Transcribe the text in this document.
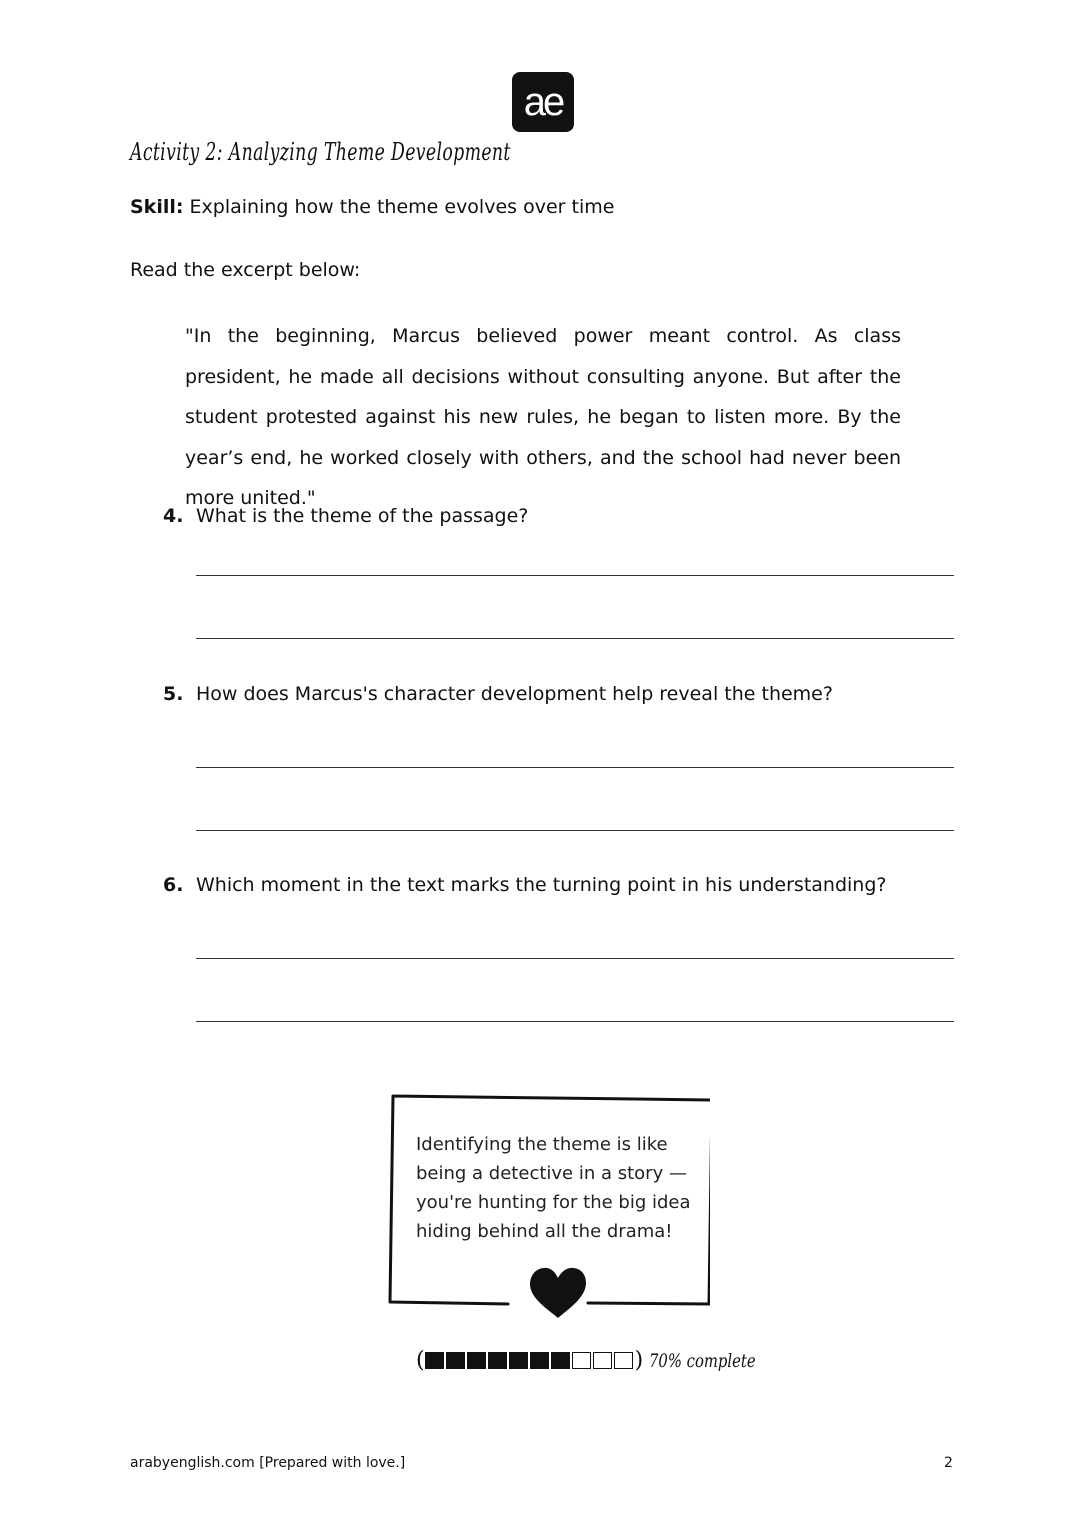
ae
Activity 2: Analyzing Theme Development
Skill: Explaining how the theme evolves over time
Read the excerpt below:
"In the beginning, Marcus believed power meant control. As class president, he made all decisions without consulting anyone. But after the student protested against his new rules, he began to listen more. By the year’s end, he worked closely with others, and the school had never been more united."
4. What is the theme of the passage?
5. How does Marcus's character development help reveal the theme?
6. Which moment in the text marks the turning point in his understanding?
Identifying the theme is like being a detective in a story — you're hunting for the big idea hiding behind all the drama!
(	) 70% complete
arabyenglish.com [Prepared with love.]	2
